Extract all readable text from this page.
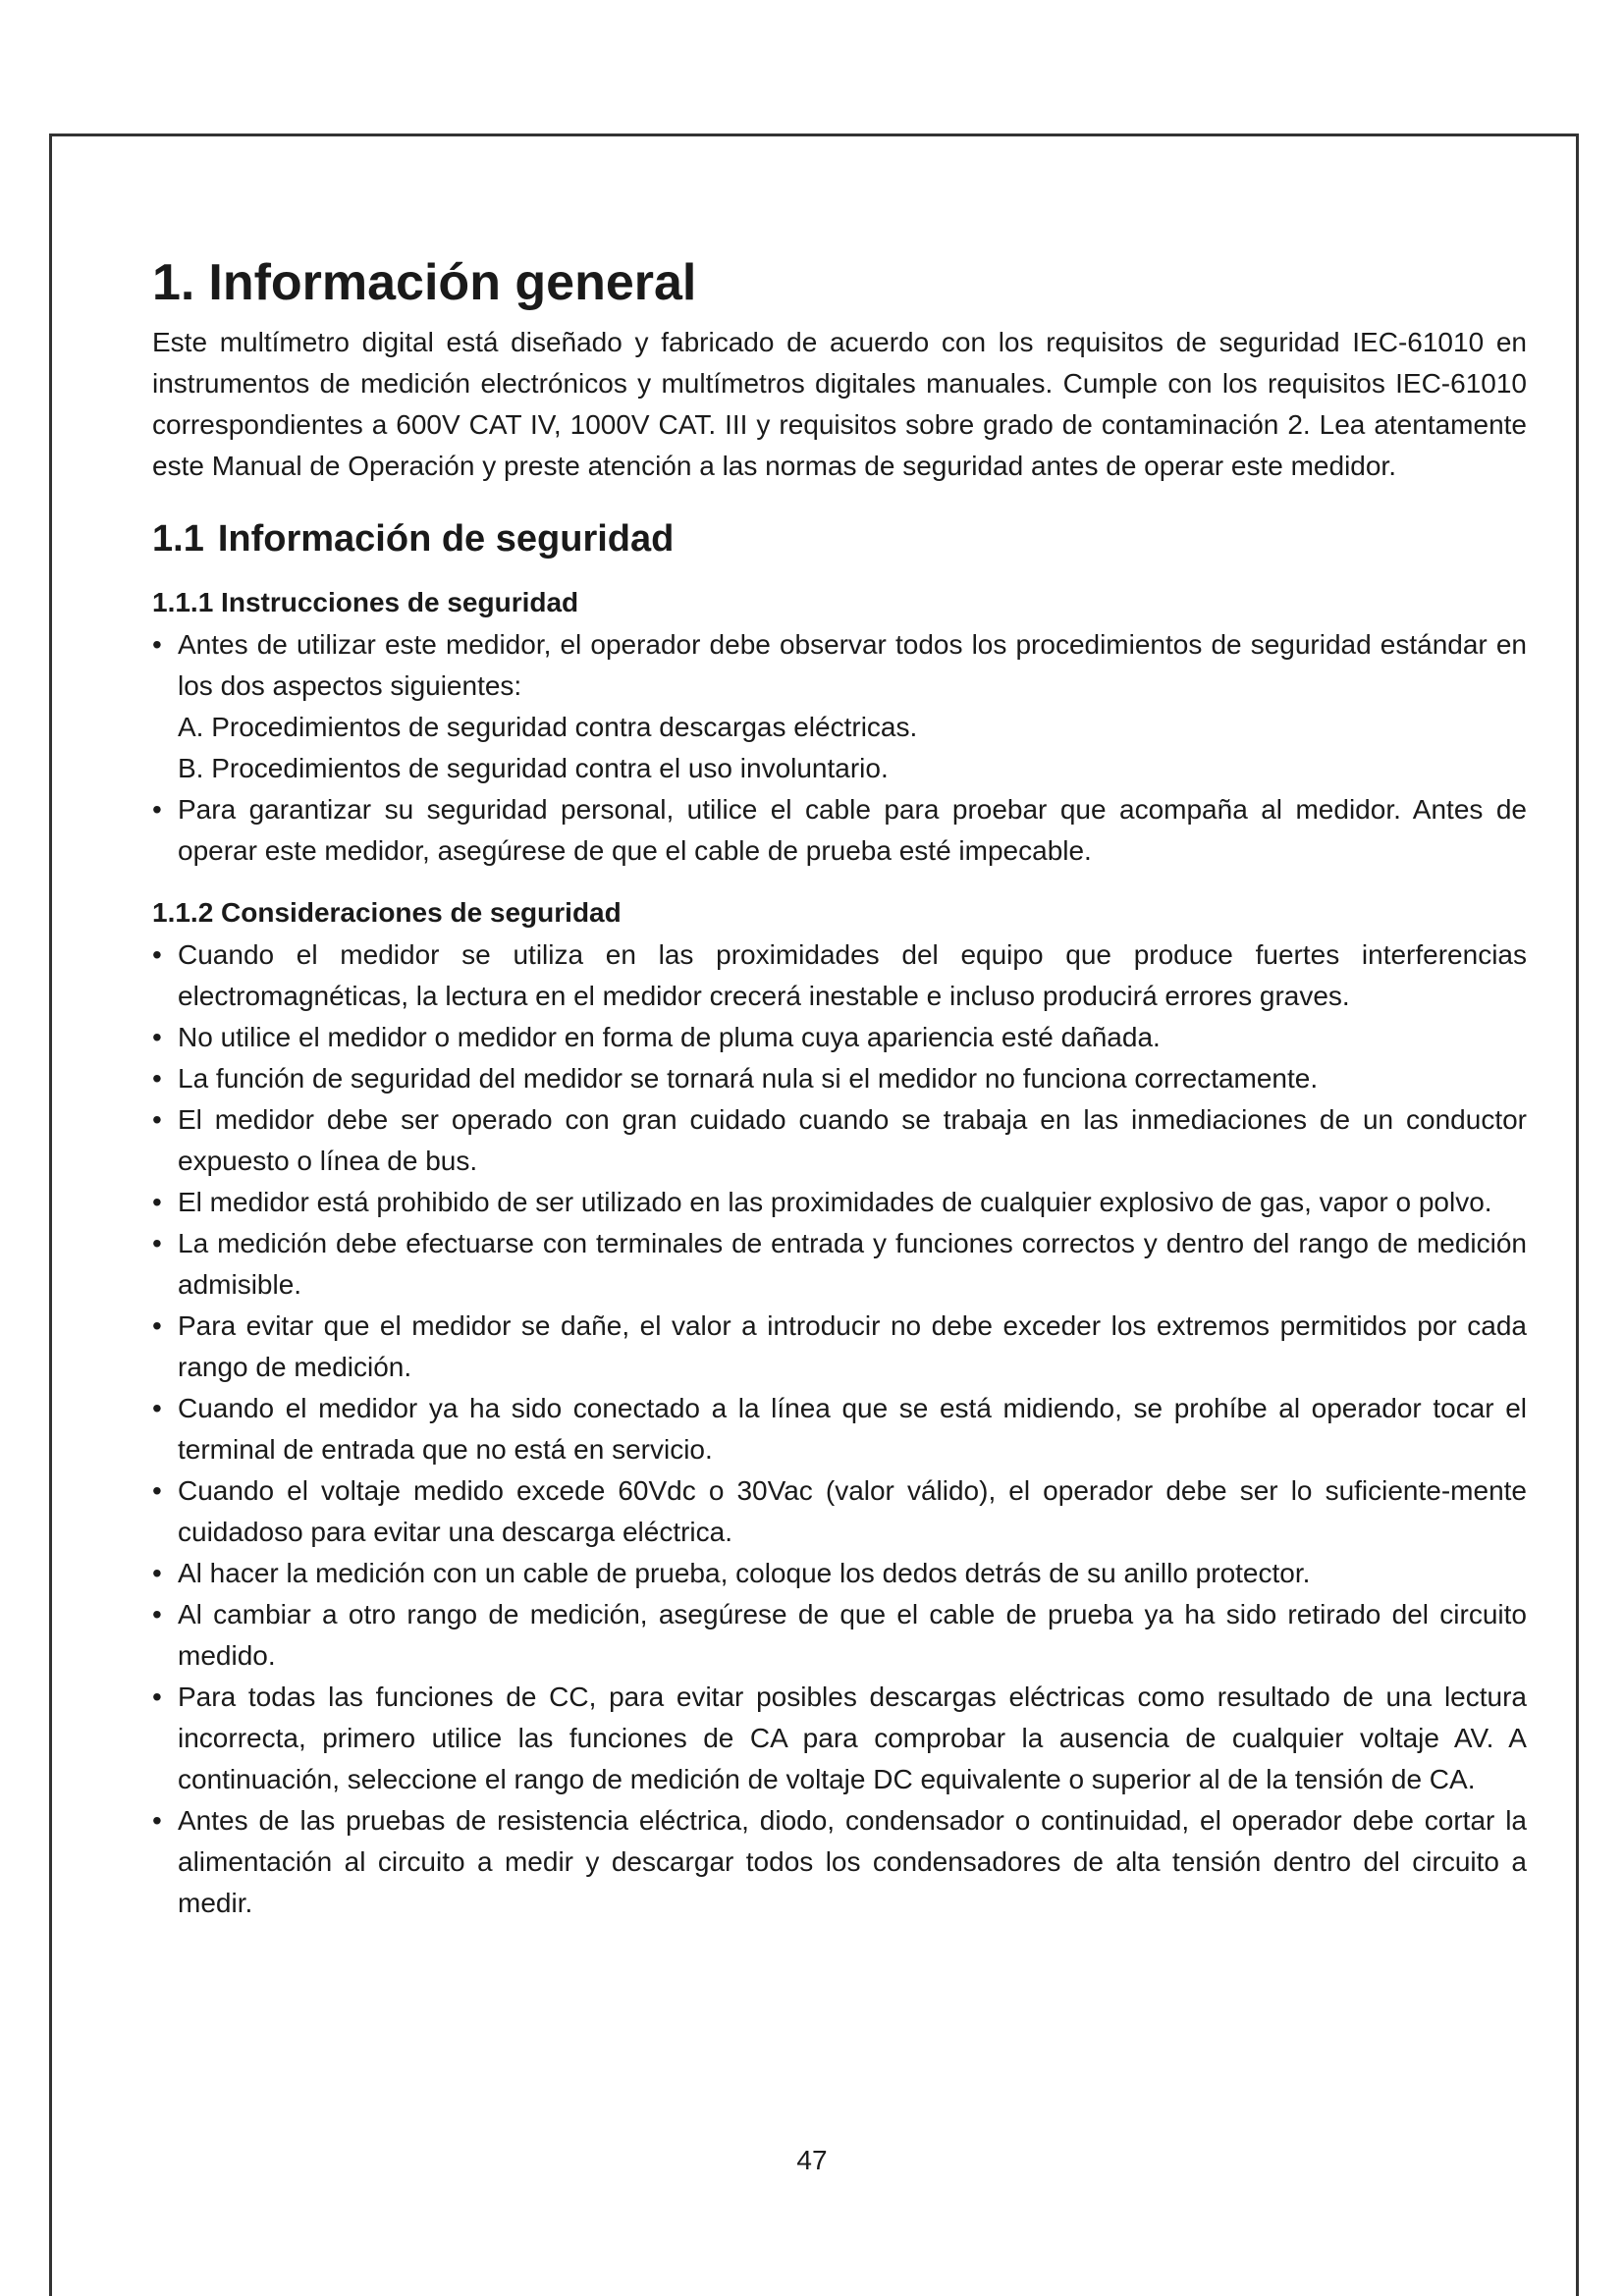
1. Información general

Este multímetro digital está diseñado y fabricado de acuerdo con los requisitos de seguridad IEC-61010 en instrumentos de medición electrónicos y multímetros digitales manuales. Cumple con los requisitos IEC-61010 correspondientes a 600V CAT IV, 1000V CAT. III y requisitos sobre grado de contaminación 2. Lea atentamente este Manual de Operación y preste atención a las normas de seguridad antes de operar este medidor.

1.1 Información de seguridad
1.1.1 Instrucciones de seguridad
• Antes de utilizar este medidor, el operador debe observar todos los procedimientos de seguridad estándar en los dos aspectos siguientes:
A. Procedimientos de seguridad contra descargas eléctricas.
B. Procedimientos de seguridad contra el uso involuntario.
• Para garantizar su seguridad personal, utilice el cable para proebar que acompaña al medidor. Antes de operar este medidor, asegúrese de que el cable de prueba esté impecable.
1.1.2 Consideraciones de seguridad
• Cuando el medidor se utiliza en las proximidades del equipo que produce fuertes interferencias electromagnéticas, la lectura en el medidor crecerá inestable e incluso producirá errores graves.
• No utilice el medidor o medidor en forma de pluma cuya apariencia esté dañada.
• La función de seguridad del medidor se tornará nula si el medidor no funciona correctamente.
• El medidor debe ser operado con gran cuidado cuando se trabaja en las inmediaciones de un conductor expuesto o línea de bus.
• El medidor está prohibido de ser utilizado en las proximidades de cualquier explosivo de gas, vapor o polvo.
• La medición debe efectuarse con terminales de entrada y funciones correctos y dentro del rango de medición admisible.
• Para evitar que el medidor se dañe, el valor a introducir no debe exceder los extremos permitidos por cada rango de medición.
• Cuando el medidor ya ha sido conectado a la línea que se está midiendo, se prohíbe al operador tocar el terminal de entrada que no está en servicio.
• Cuando el voltaje medido excede 60Vdc o 30Vac (valor válido), el operador debe ser lo suficiente-mente cuidadoso para evitar una descarga eléctrica.
• Al hacer la medición con un cable de prueba, coloque los dedos detrás de su anillo protector.
• Al cambiar a otro rango de medición, asegúrese de que el cable de prueba ya ha sido retirado del circuito medido.
• Para todas las funciones de CC, para evitar posibles descargas eléctricas como resultado de una lectura incorrecta, primero utilice las funciones de CA para comprobar la ausencia de cualquier voltaje AV. A continuación, seleccione el rango de medición de voltaje DC equivalente o superior al de la tensión de CA.
• Antes de las pruebas de resistencia eléctrica, diodo, condensador o continuidad, el operador debe cortar la alimentación al circuito a medir y descargar todos los condensadores de alta tensión dentro del circuito a medir.
47
